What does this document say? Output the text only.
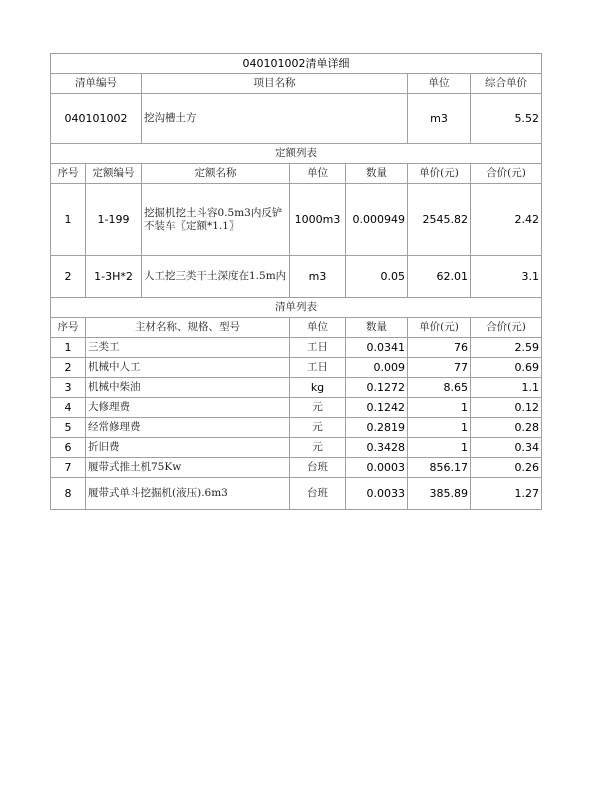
040101002清单详细						
清单编号		项目名称			单位	综合单价
040101002		挖沟槽土方			m3	5.52
定额列表						
序号	定额编号	定额名称	单位	数量	单价(元)	合价(元)
1	1-199	挖掘机挖土斗容0.5m3内反铲不装车〖定额*1.1〗	1000m3	0.000949	2545.82	2.42
2	1-3H*2	人工挖三类干土深度在1.5m内	m3	0.05	62.01	3.1
清单列表						
序号	主材名称、规格、型号		单位	数量	单价(元)	合价(元)
1	三类工		工日	0.0341	76	2.59
2	机械中人工		工日	0.009	77	0.69
3	机械中柴油		kg	0.1272	8.65	1.1
4	大修理费		元	0.1242	1	0.12
5	经常修理费		元	0.2819	1	0.28
6	折旧费		元	0.3428	1	0.34
7	履带式推土机75Kw		台班	0.0003	856.17	0.26
8	履带式单斗挖掘机(液压).6m3		台班	0.0033	385.89	1.27
